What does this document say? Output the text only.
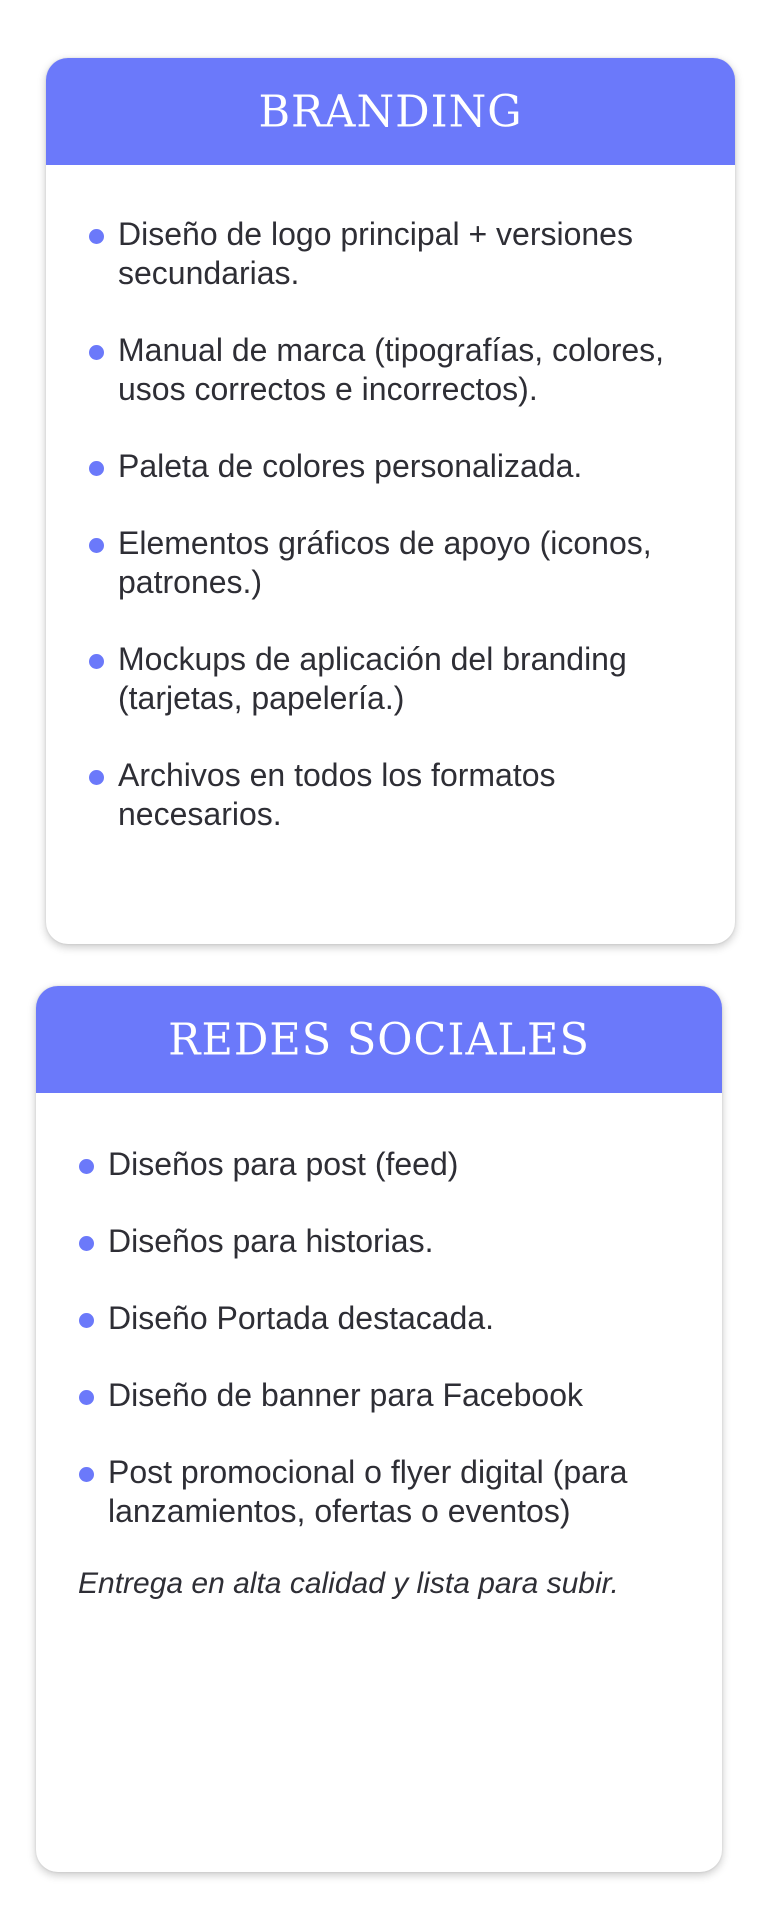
BRANDING
Diseño de logo principal + versiones secundarias.
Manual de marca (tipografías, colores, usos correctos e incorrectos).
Paleta de colores personalizada.
Elementos gráficos de apoyo (iconos, patrones.)
Mockups de aplicación del branding (tarjetas, papelería.)
Archivos en todos los formatos necesarios.
REDES SOCIALES
Diseños para post (feed)
Diseños para historias.
Diseño Portada destacada.
Diseño de banner para Facebook
Post promocional o flyer digital (para lanzamientos, ofertas o eventos)

Entrega en alta calidad y lista para subir.
